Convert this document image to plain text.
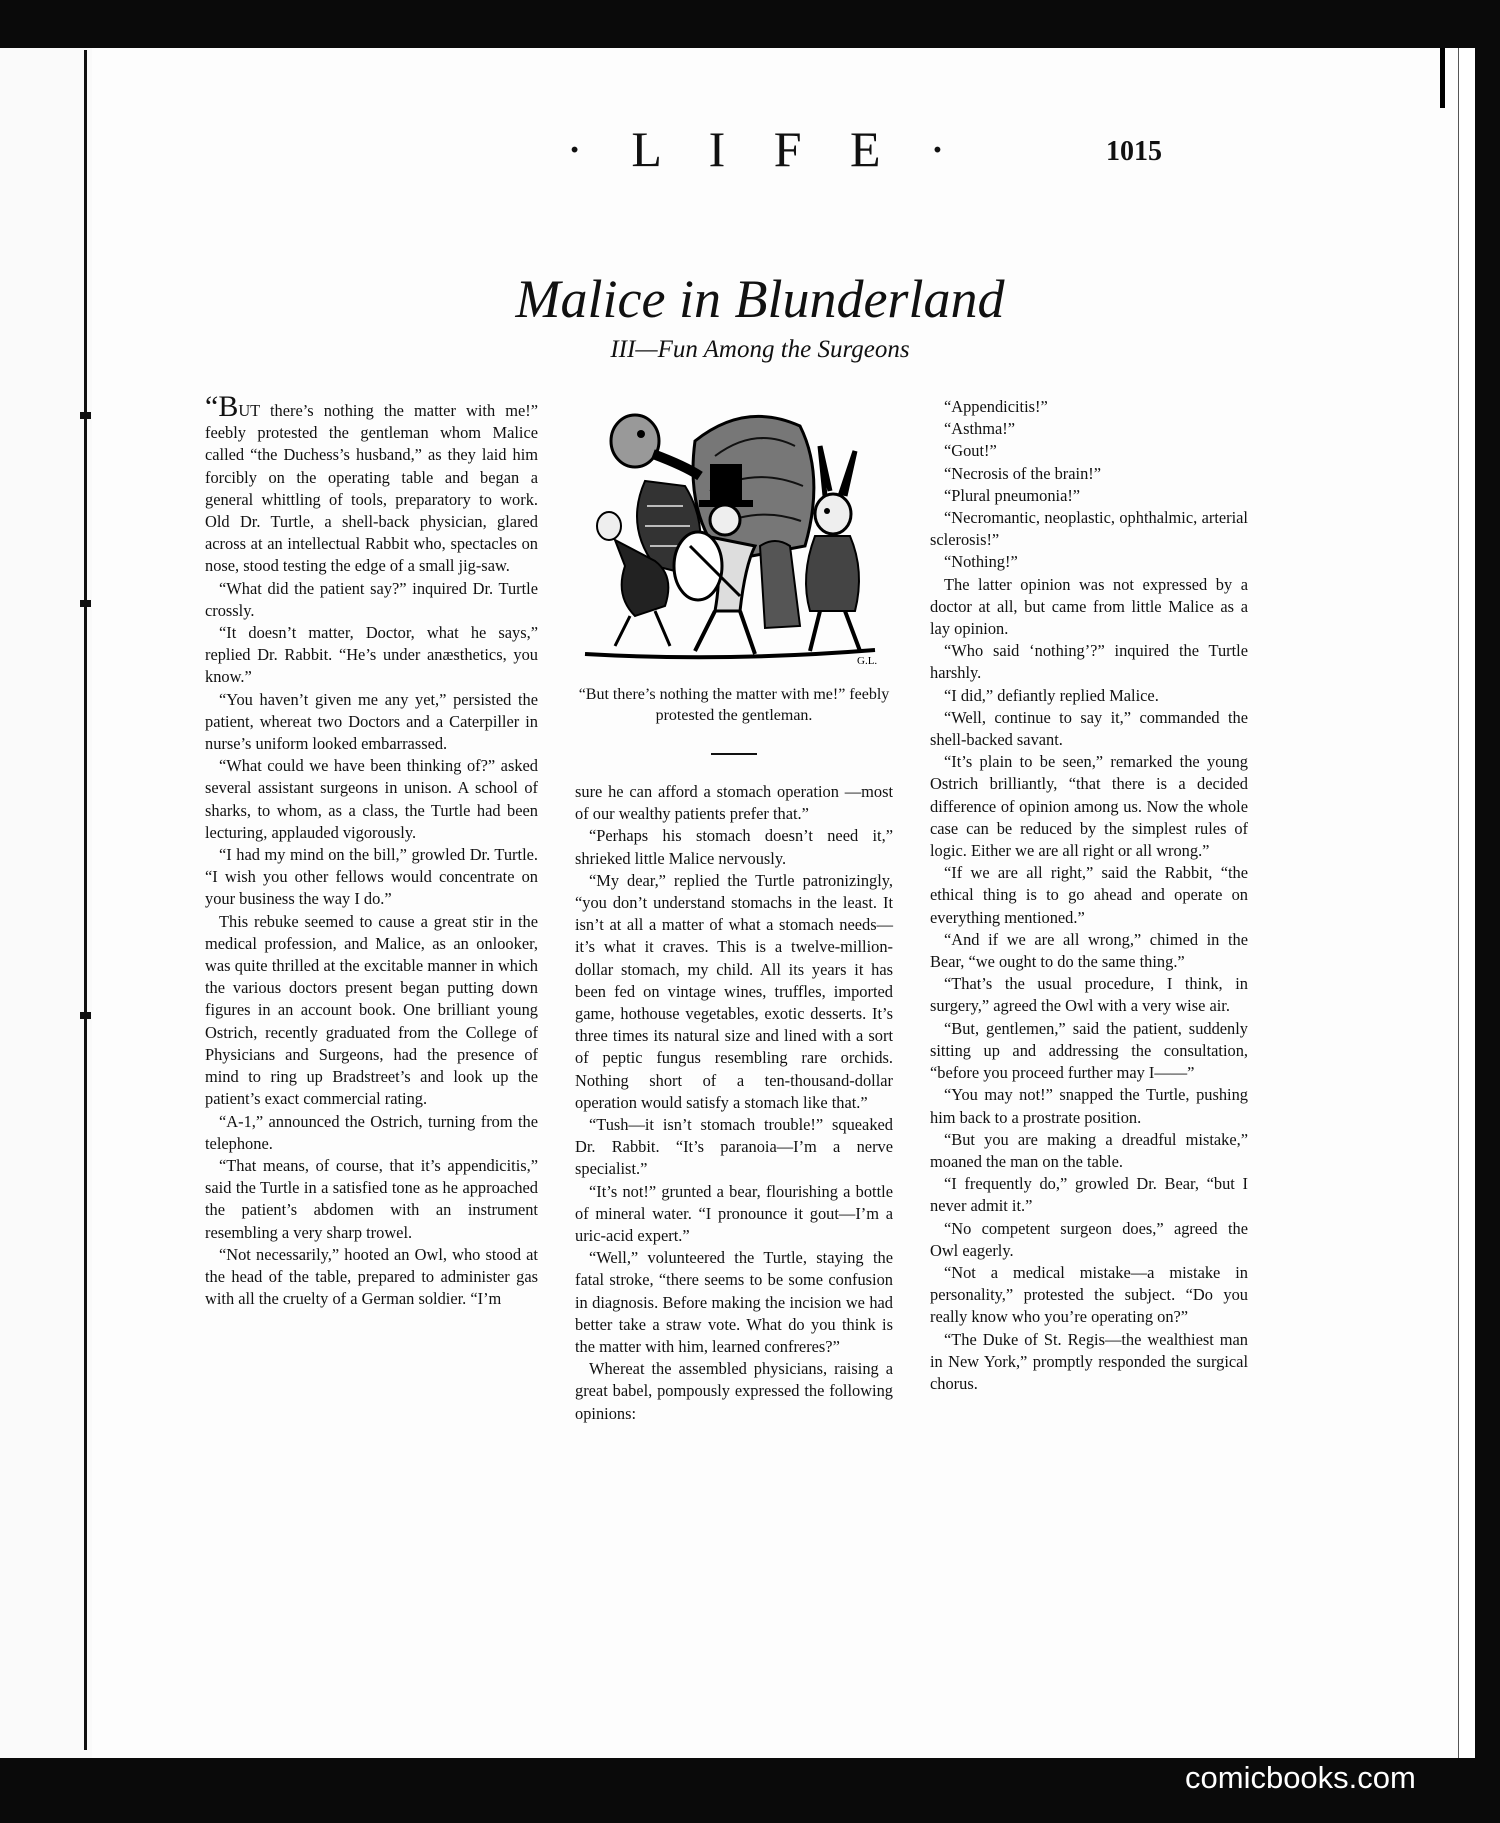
· L I F E ·	1015
Malice in Blunderland
III—Fun Among the Surgeons

“BUT there’s nothing the matter with me!” feebly protested the gentleman whom Malice called “the Duchess’s husband,” as they laid him forcibly on the operating table and began a general whittling of tools, preparatory to work. Old Dr. Turtle, a shell-back physician, glared across at an intellectual Rabbit who, spectacles on nose, stood testing the edge of a small jig-saw.

“What did the patient say?” inquired Dr. Turtle crossly.

“It doesn’t matter, Doctor, what he says,” replied Dr. Rabbit. “He’s under anæsthetics, you know.”

“You haven’t given me any yet,” persisted the patient, whereat two Doctors and a Caterpiller in nurse’s uniform looked embarrassed.

“What could we have been thinking of?” asked several assistant surgeons in unison. A school of sharks, to whom, as a class, the Turtle had been lecturing, applauded vigorously.

“I had my mind on the bill,” growled Dr. Turtle. “I wish you other fellows would concentrate on your business the way I do.”

This rebuke seemed to cause a great stir in the medical profession, and Malice, as an onlooker, was quite thrilled at the excitable manner in which the various doctors present began putting down figures in an account book. One brilliant young Ostrich, recently graduated from the College of Physicians and Surgeons, had the presence of mind to ring up Bradstreet’s and look up the patient’s exact commercial rating.

“A-1,” announced the Ostrich, turning from the telephone.

“That means, of course, that it’s appendicitis,” said the Turtle in a satisfied tone as he approached the patient’s abdomen with an instrument resembling a very sharp trowel.

“Not necessarily,” hooted an Owl, who stood at the head of the table, prepared to administer gas with all the cruelty of a German soldier. “I’m

G.L.

“But there’s nothing the matter with me!” feebly protested the gentleman.

sure he can afford a stomach operation —most of our wealthy patients prefer that.”

“Perhaps his stomach doesn’t need it,” shrieked little Malice nervously.

“My dear,” replied the Turtle patronizingly, “you don’t understand stomachs in the least. It isn’t at all a matter of what a stomach needs—it’s what it craves. This is a twelve-million-dollar stomach, my child. All its years it has been fed on vintage wines, truffles, imported game, hothouse vegetables, exotic desserts. It’s three times its natural size and lined with a sort of peptic fungus resembling rare orchids. Nothing short of a ten-thousand-dollar operation would satisfy a stomach like that.”

“Tush—it isn’t stomach trouble!” squeaked Dr. Rabbit. “It’s paranoia—I’m a nerve specialist.”

“It’s not!” grunted a bear, flourishing a bottle of mineral water. “I pronounce it gout—I’m a uric-acid expert.”

“Well,” volunteered the Turtle, staying the fatal stroke, “there seems to be some confusion in diagnosis. Before making the incision we had better take a straw vote. What do you think is the matter with him, learned confreres?”

Whereat the assembled physicians, raising a great babel, pompously expressed the following opinions:

“Appendicitis!”

“Asthma!”

“Gout!”

“Necrosis of the brain!”

“Plural pneumonia!”

“Necromantic, neoplastic, ophthalmic, arterial sclerosis!”

“Nothing!”

The latter opinion was not expressed by a doctor at all, but came from little Malice as a lay opinion.

“Who said ‘nothing’?” inquired the Turtle harshly.

“I did,” defiantly replied Malice.

“Well, continue to say it,” commanded the shell-backed savant.

“It’s plain to be seen,” remarked the young Ostrich brilliantly, “that there is a decided difference of opinion among us. Now the whole case can be reduced by the simplest rules of logic. Either we are all right or all wrong.”

“If we are all right,” said the Rabbit, “the ethical thing is to go ahead and operate on everything mentioned.”

“And if we are all wrong,” chimed in the Bear, “we ought to do the same thing.”

“That’s the usual procedure, I think, in surgery,” agreed the Owl with a very wise air.

“But, gentlemen,” said the patient, suddenly sitting up and addressing the consultation, “before you proceed further may I——”

“You may not!” snapped the Turtle, pushing him back to a prostrate position.

“But you are making a dreadful mistake,” moaned the man on the table.

“I frequently do,” growled Dr. Bear, “but I never admit it.”

“No competent surgeon does,” agreed the Owl eagerly.

“Not a medical mistake—a mistake in personality,” protested the subject. “Do you really know who you’re operating on?”

“The Duke of St. Regis—the wealthiest man in New York,” promptly responded the surgical chorus.

comicbooks.com
